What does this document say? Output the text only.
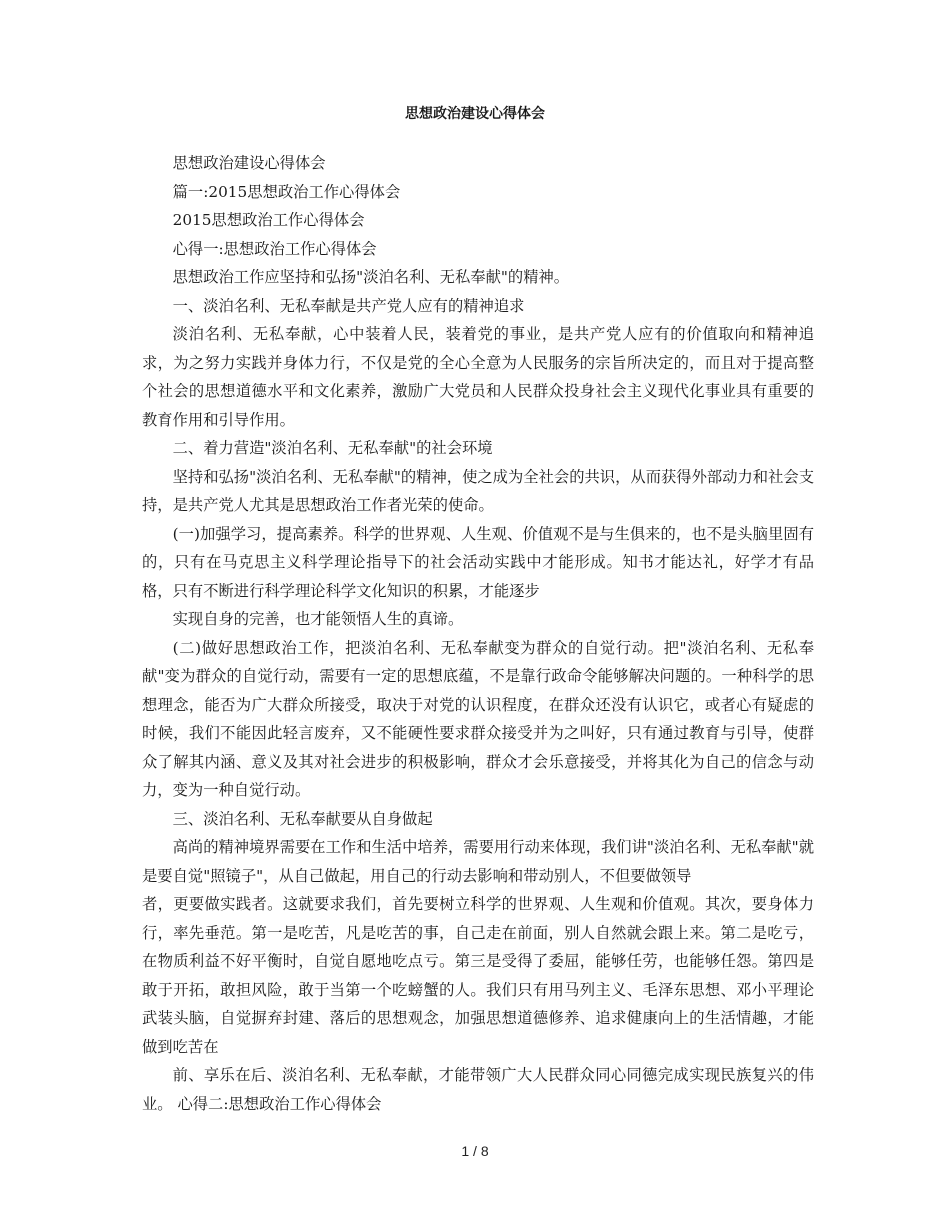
思想政治建设心得体会

思想政治建设心得体会

篇一:2015思想政治工作心得体会

2015思想政治工作心得体会

心得一:思想政治工作心得体会

思想政治工作应坚持和弘扬"淡泊名利、无私奉献"的精神。

一、淡泊名利、无私奉献是共产党人应有的精神追求

淡泊名利、无私奉献，心中装着人民，装着党的事业，是共产党人应有的价值取向和精神追求，为之努力实践并身体力行，不仅是党的全心全意为人民服务的宗旨所决定的，而且对于提高整个社会的思想道德水平和文化素养，激励广大党员和人民群众投身社会主义现代化事业具有重要的教育作用和引导作用。

二、着力营造"淡泊名利、无私奉献"的社会环境

坚持和弘扬"淡泊名利、无私奉献"的精神，使之成为全社会的共识，从而获得外部动力和社会支持，是共产党人尤其是思想政治工作者光荣的使命。

(一)加强学习，提高素养。科学的世界观、人生观、价值观不是与生俱来的，也不是头脑里固有的，只有在马克思主义科学理论指导下的社会活动实践中才能形成。知书才能达礼，好学才有品格，只有不断进行科学理论科学文化知识的积累，才能逐步

实现自身的完善，也才能领悟人生的真谛。

(二)做好思想政治工作，把淡泊名利、无私奉献变为群众的自觉行动。把"淡泊名利、无私奉献"变为群众的自觉行动，需要有一定的思想底蕴，不是靠行政命令能够解决问题的。一种科学的思想理念，能否为广大群众所接受，取决于对党的认识程度，在群众还没有认识它，或者心有疑虑的时候，我们不能因此轻言废弃，又不能硬性要求群众接受并为之叫好，只有通过教育与引导，使群众了解其内涵、意义及其对社会进步的积极影响，群众才会乐意接受，并将其化为自己的信念与动力，变为一种自觉行动。

三、淡泊名利、无私奉献要从自身做起

高尚的精神境界需要在工作和生活中培养，需要用行动来体现，我们讲"淡泊名利、无私奉献"就是要自觉"照镜子"，从自己做起，用自己的行动去影响和带动别人，不但要做领导

者，更要做实践者。这就要求我们，首先要树立科学的世界观、人生观和价值观。其次，要身体力行，率先垂范。第一是吃苦，凡是吃苦的事，自己走在前面，别人自然就会跟上来。第二是吃亏，在物质利益不好平衡时，自觉自愿地吃点亏。第三是受得了委屈，能够任劳，也能够任怨。第四是敢于开拓，敢担风险，敢于当第一个吃螃蟹的人。我们只有用马列主义、毛泽东思想、邓小平理论武装头脑，自觉摒弃封建、落后的思想观念，加强思想道德修养、追求健康向上的生活情趣，才能做到吃苦在

前、享乐在后、淡泊名利、无私奉献，才能带领广大人民群众同心同德完成实现民族复兴的伟业。 心得二:思想政治工作心得体会

1 / 8
